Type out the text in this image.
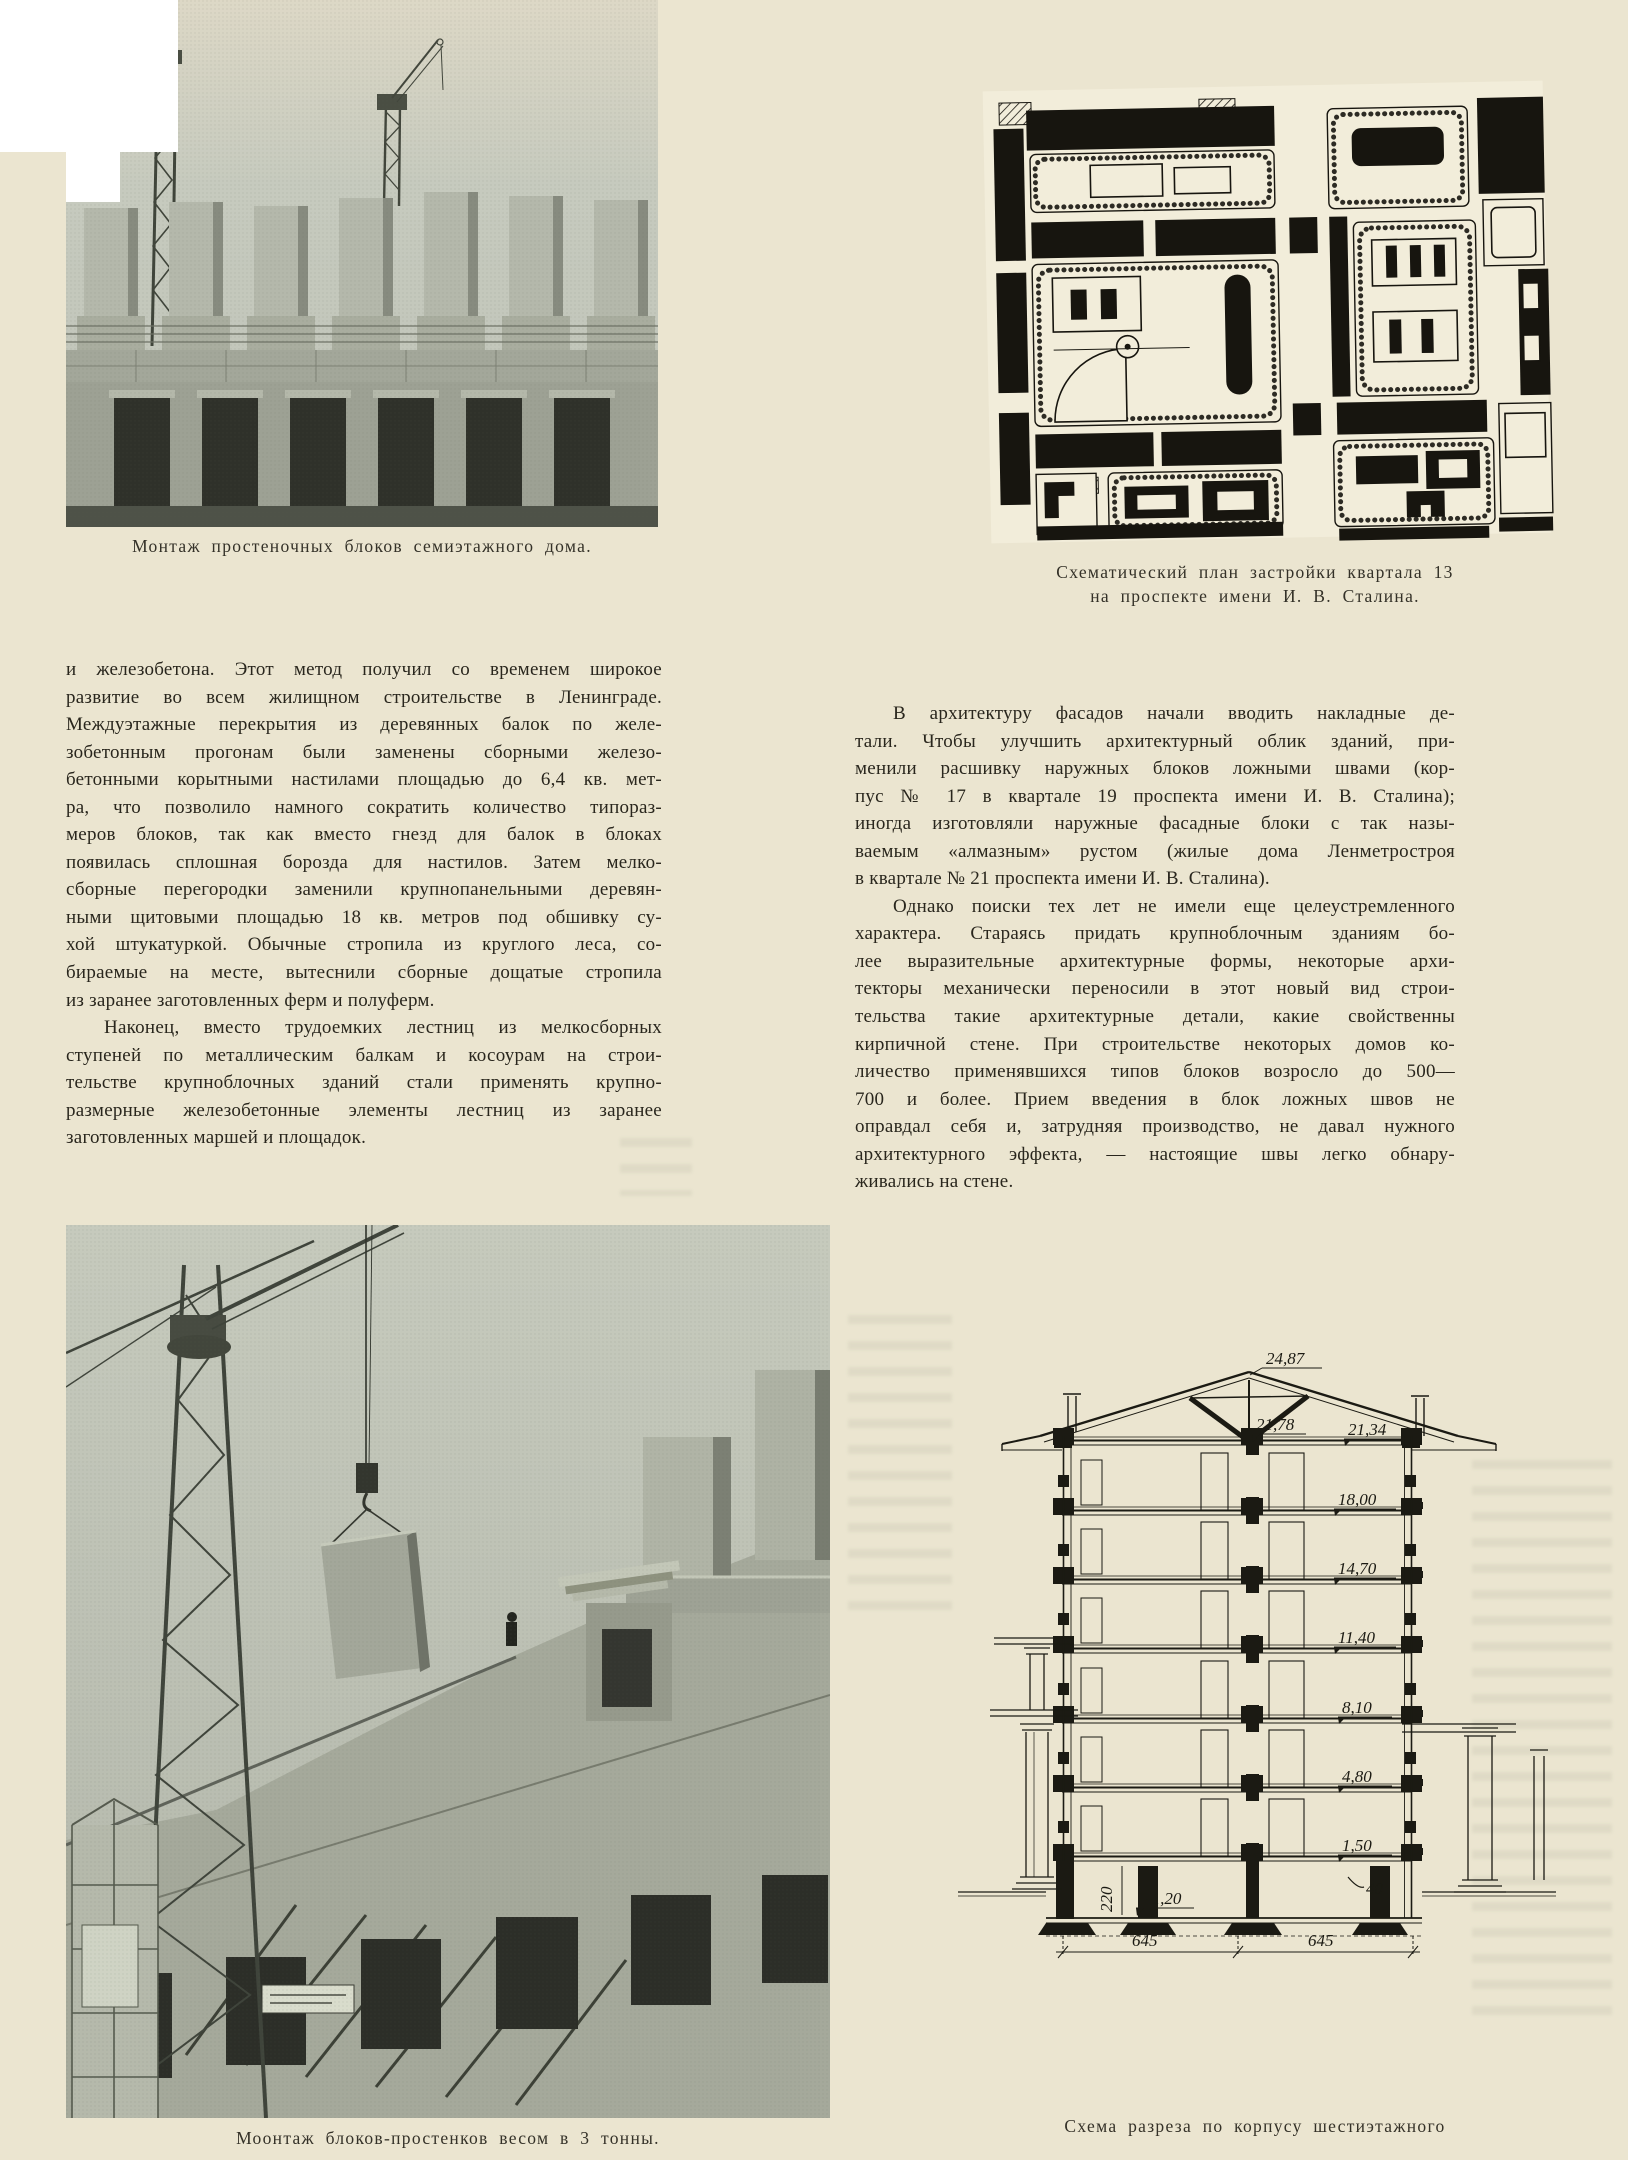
Монтаж простеночных блоков семиэтажного дома.
Схематический план застройки квартала 13
на проспекте имени И. В. Сталина.
и железобетона. Этот метод получил со временем широкое
развитие во всем жилищном строительстве в Ленинграде.
Междуэтажные перекрытия из деревянных балок по желе-
зобетонным прогонам были заменены сборными железо-
бетонными корытными настилами площадью до 6,4 кв. мет-
ра, что позволило намного сократить количество типораз-
меров блоков, так как вместо гнезд для балок в блоках
появилась сплошная борозда для настилов. Затем мелко-
сборные перегородки заменили крупнопанельными деревян-
ными щитовыми площадью 18 кв. метров под обшивку су-
хой штукатуркой. Обычные стропила из круглого леса, со-
бираемые на месте, вытеснили сборные дощатые стропила
из заранее заготовленных ферм и полуферм.
Наконец, вместо трудоемких лестниц из мелкосборных
ступеней по металлическим балкам и косоурам на строи-
тельстве крупноблочных зданий стали применять крупно-
размерные железобетонные элементы лестниц из заранее
заготовленных маршей и площадок.
В архитектуру фасадов начали вводить накладные де-
тали. Чтобы улучшить архитектурный облик зданий, при-
менили расшивку наружных блоков ложными швами (кор-
пус № 17 в квартале 19 проспекта имени И. В. Сталина);
иногда изготовляли наружные фасадные блоки с так назы-
ваемым «алмазным» рустом (жилые дома Ленметростроя
в квартале № 21 проспекта имени И. В. Сталина).
Однако поиски тех лет не имели еще целеустремленного
характера. Стараясь придать крупноблочным зданиям бо-
лее выразительные архитектурные формы, некоторые архи-
текторы механически переносили в этот новый вид строи-
тельства такие архитектурные детали, какие свойственны
кирпичной стене. При строительстве некоторых домов ко-
личество применявшихся типов блоков возросло до 500—
700 и более. Прием введения в блок ложных швов не
оправдал себя и, затрудняя производство, не давал нужного
архитектурного эффекта, — настоящие швы легко обнару-
живались на стене.
Моонтаж блоков-простенков весом в 3 тонны.
24,87
21,78	21,34
18,00
14,70
11,40
8,10
4,80
1,50
-1,20
220	40
645	645
Схема разреза по корпусу шестиэтажного
